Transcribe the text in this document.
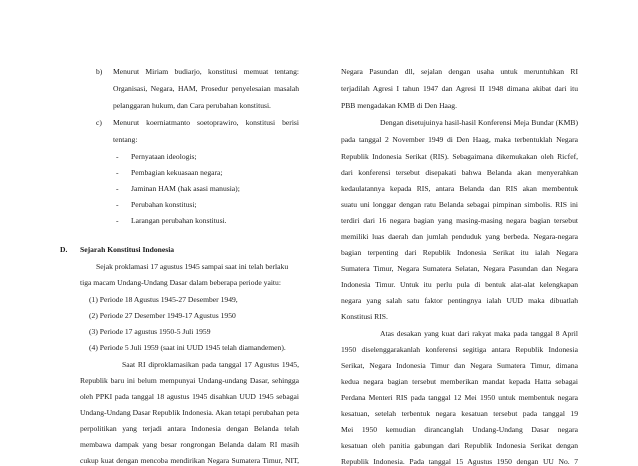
b) Menurut Miriam budiarjo, konstitusi memuat tentang:
Organisasi, Negara, HAM, Prosedur penyelesaian masalah
pelanggaran hukum, dan Cara perubahan konstitusi.
c) Menurut koerniatmanto soetoprawiro, konstitusi berisi
tentang:
- Pernyataan ideologis;
- Pembagian kekuasaan negara;
- Jaminan HAM (hak asasi manusia);
- Perubahan konstitusi;
- Larangan perubahan konstitusi.
D. Sejarah Konstitusi Indonesia
Sejak proklamasi 17 agustus 1945 sampai saat ini telah berlaku
tiga macam Undang-Undang Dasar dalam beberapa periode yaitu:
(1) Periode 18 Agustus 1945-27 Desember 1949,
(2) Periode 27 Desember 1949-17 Agustus 1950
(3) Periode 17 agustus 1950-5 Juli 1959
(4) Periode 5 Juli 1959 (saat ini UUD 1945 telah diamandemen).
Saat RI diproklamasikan pada tanggal 17 Agustus 1945,
Republik baru ini belum mempunyai Undang-undang Dasar, sehingga
oleh PPKI pada tanggal 18 agustus 1945 disahkan UUD 1945 sebagai
Undang-Undang Dasar Republik Indonesia. Akan tetapi perubahan peta
perpolitikan yang terjadi antara Indonesia dengan Belanda telah
membawa dampak yang besar rongrongan Belanda dalam RI masih
cukup kuat dengan mencoba mendirikan Negara Sumatera Timur, NIT,
Negara Pasundan dll, sejalan dengan usaha untuk meruntuhkan RI
terjadilah Agresi I tahun 1947 dan Agresi II 1948 dimana akibat dari itu
PBB mengadakan KMB di Den Haag.
Dengan disetujuinya hasil-hasil Konferensi Meja Bundar (KMB)
pada tanggal 2 November 1949 di Den Haag, maka terbentuklah Negara
Republik Indonesia Serikat (RIS). Sebagaimana dikemukakan oleh Ricfef,
dari konferensi tersebut disepakati bahwa Belanda akan menyerahkan
kedaulatannya kepada RIS, antara Belanda dan RIS akan membentuk
suatu uni longgar dengan ratu Belanda sebagai pimpinan simbolis. RIS ini
terdiri dari 16 negara bagian yang masing-masing negara bagian tersebut
memiliki luas daerah dan jumlah penduduk yang berbeda. Negara-negara
bagian terpenting dari Republik Indonesia Serikat itu ialah Negara
Sumatera Timur, Negara Sumatera Selatan, Negara Pasundan dan Negara
Indonesia Timur. Untuk itu perlu pula di bentuk alat-alat kelengkapan
negara yang salah satu faktor pentingnya ialah UUD maka dibuatlah
Konstitusi RIS.
Atas desakan yang kuat dari rakyat maka pada tanggal 8 April
1950 diselenggarakanlah konferensi segitiga antara Republik Indonesia
Serikat, Negara Indonesia Timur dan Negara Sumatera Timur, dimana
kedua negara bagian tersebut memberikan mandat kepada Hatta sebagai
Perdana Menteri RIS pada tanggal 12 Mei 1950 untuk membentuk negara
kesatuan, setelah terbentuk negara kesatuan tersebut pada tanggal 19
Mei 1950 kemudian dirancanglah Undang-Undang Dasar negara
kesatuan oleh panitia gabungan dari Republik Indonesia Serikat dengan
Republik Indonesia. Pada tanggal 15 Agustus 1950 dengan UU No. 7
